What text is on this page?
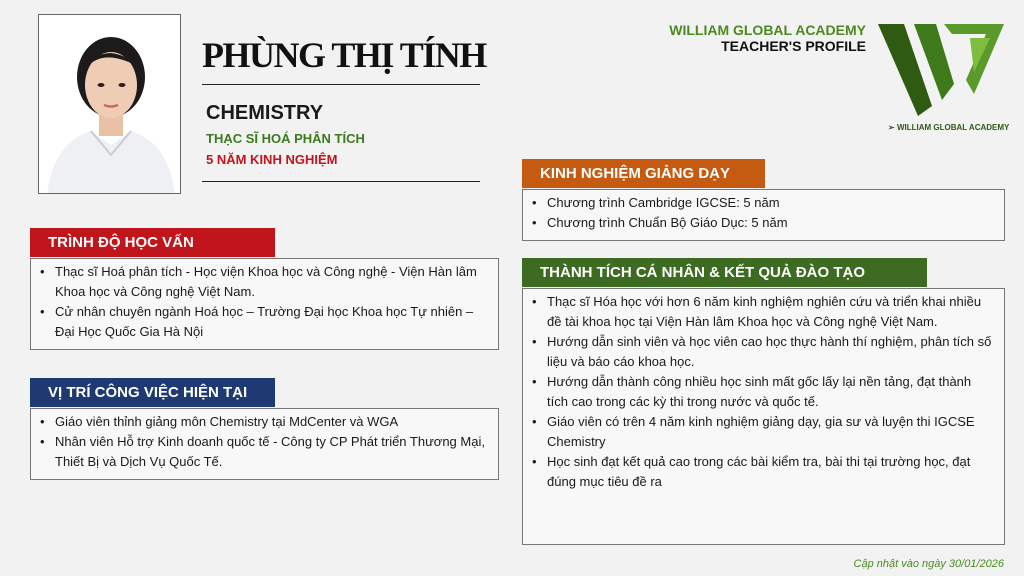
PHÙNG THỊ TÍNH
CHEMISTRY
THẠC SĨ HOÁ PHÂN TÍCH
5 NĂM KINH NGHIỆM
WILLIAM GLOBAL ACADEMY
TEACHER'S PROFILE
➢ WILLIAM GLOBAL ACADEMY
TRÌNH ĐỘ HỌC VẤN
• Thạc sĩ Hoá phân tích - Học viện Khoa học và Công nghệ - Viện Hàn lâm Khoa học và Công nghệ Việt Nam.
• Cử nhân chuyên ngành Hoá học – Trường Đại học Khoa học Tự nhiên – Đại Học Quốc Gia Hà Nội
VỊ TRÍ CÔNG VIỆC HIỆN TẠI
• Giáo viên thỉnh giảng môn Chemistry tại MdCenter và WGA
• Nhân viên Hỗ trợ Kinh doanh quốc tế - Công ty CP Phát triển Thương Mại, Thiết Bị và Dịch Vụ Quốc Tế.
KINH NGHIỆM GIẢNG DẠY
• Chương trình Cambridge IGCSE: 5 năm
• Chương trình Chuẩn Bộ Giáo Dục: 5 năm
THÀNH TÍCH CÁ NHÂN & KẾT QUẢ ĐÀO TẠO
• Thạc sĩ Hóa học với hơn 6 năm kinh nghiệm nghiên cứu và triển khai nhiều đề tài khoa học tại Viện Hàn lâm Khoa học và Công nghệ Việt Nam.
• Hướng dẫn sinh viên và học viên cao học thực hành thí nghiệm, phân tích số liệu và báo cáo khoa học.
• Hướng dẫn thành công nhiều học sinh mất gốc lấy lại nền tảng, đạt thành tích cao trong các kỳ thi trong nước và quốc tế.
• Giáo viên có trên 4 năm kinh nghiệm giảng dạy, gia sư và luyện thi IGCSE Chemistry
• Học sinh đạt kết quả cao trong các bài kiểm tra, bài thi tại trường học, đạt đúng mục tiêu đề ra
Cập nhật vào ngày 30/01/2026
